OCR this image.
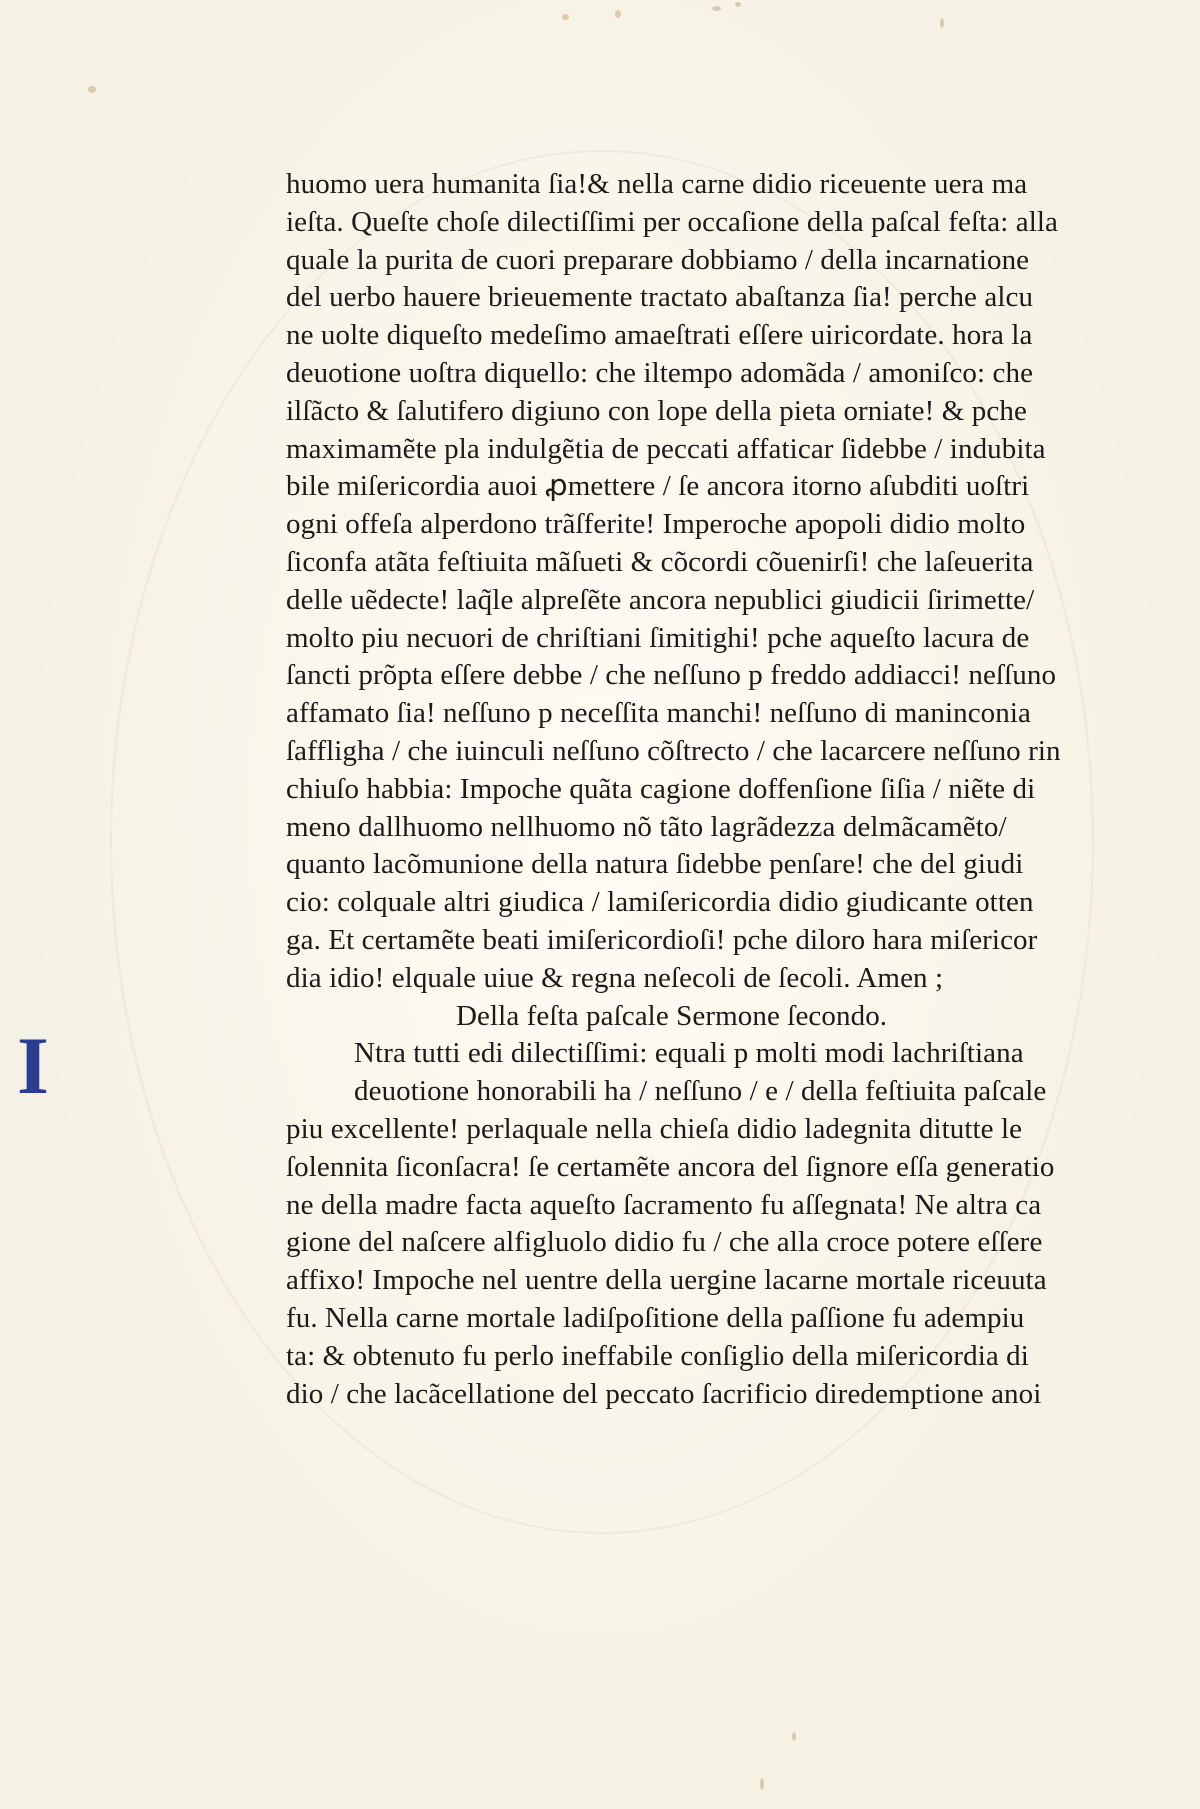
I
huomo uera humanita ſia!& nella carne didio riceuente uera ma
ieſta. Queſte choſe dilectiſſimi per occaſione della paſcal feſta: alla
quale la purita de cuori preparare dobbiamo / della incarnatione
del uerbo hauere brieuemente tractato abaſtanza ſia! perche alcu
ne uolte diqueſto medeſimo amaeſtrati eſſere uiricordate. hora la
deuotione uoſtra diquello: che iltempo adomãda / amoniſco: che
ilſãcto & ſalutifero digiuno con lope della pieta orniate! & pche
maximamẽte pla indulgẽtia de peccati affaticar ſidebbe / indubita
bile miſericordia auoi ꝓmettere / ſe ancora itorno aſubditi uoſtri
ogni offeſa alperdono trãſferite! Imperoche apopoli didio molto
ſiconfa atãta feſtiuita mãſueti & cõcordi cõuenirſi! che laſeuerita
delle uẽdecte! laq̃le alpreſẽte ancora nepublici giudicii ſirimette/
molto piu necuori de chriſtiani ſimitighi! pche aqueſto lacura de
ſancti prõpta eſſere debbe / che neſſuno p freddo addiacci! neſſuno
affamato ſia! neſſuno p neceſſita manchi! neſſuno di maninconia
ſaffligha / che iuinculi neſſuno cõſtrecto / che lacarcere neſſuno rin
chiuſo habbia: Impoche quãta cagione doffenſione ſiſia / niẽte di
meno dallhuomo nellhuomo nõ tãto lagrãdezza delmãcamẽto/
quanto lacõmunione della natura ſidebbe penſare! che del giudi
cio: colquale altri giudica / lamiſericordia didio giudicante otten
ga. Et certamẽte beati imiſericordioſi! pche diloro hara miſericor
dia idio! elquale uiue & regna neſecoli de ſecoli. Amen ;
Della feſta paſcale Sermone ſecondo.
Ntra tutti edi dilectiſſimi: equali p molti modi lachriſtiana
deuotione honorabili ha / neſſuno / e / della feſtiuita paſcale
piu excellente! perlaquale nella chieſa didio ladegnita ditutte le
ſolennita ſiconſacra! ſe certamẽte ancora del ſignore eſſa generatio
ne della madre facta aqueſto ſacramento fu aſſegnata! Ne altra ca
gione del naſcere alfigluolo didio fu / che alla croce potere eſſere
affixo! Impoche nel uentre della uergine lacarne mortale riceuuta
fu. Nella carne mortale ladiſpoſitione della paſſione fu adempiu
ta: & obtenuto fu perlo ineffabile conſiglio della miſericordia di
dio / che lacãcellatione del peccato ſacrificio diredemptione anoi
